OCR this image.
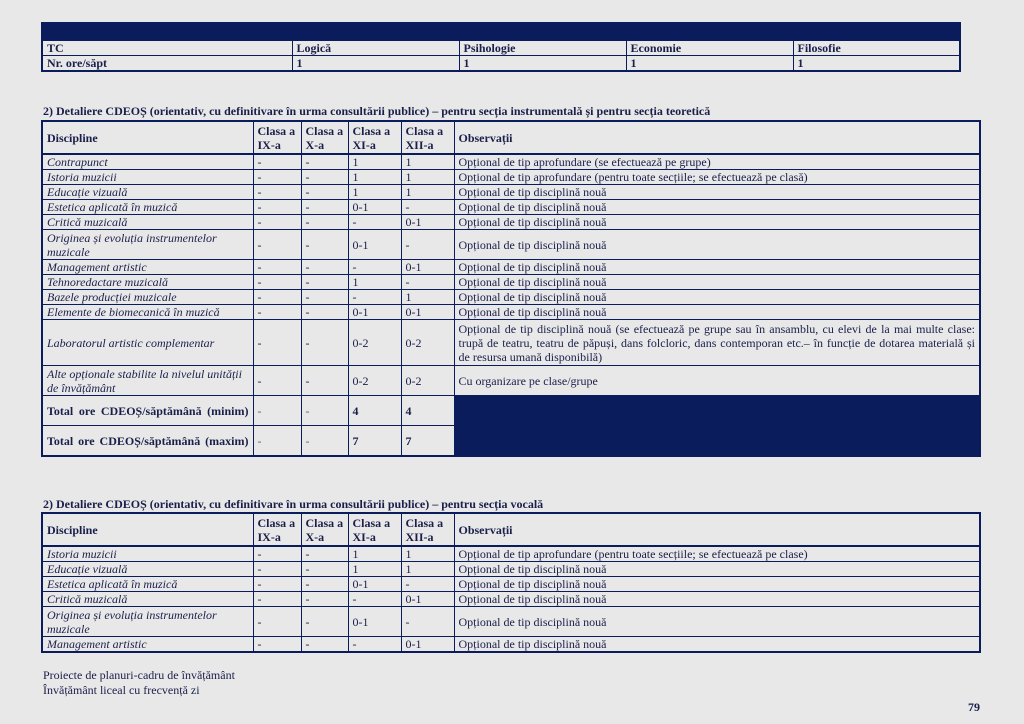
TC	Logică	Psihologie	Economie	Filosofie
Nr. ore/săpt	1	1	1	1
2) Detaliere CDEOȘ (orientativ, cu definitivare în urma consultării publice) – pentru secția instrumentală și pentru secția teoretică
Discipline	Clasa a IX-a	Clasa a X-a	Clasa a XI-a	Clasa a XII-a	Observații
Contrapunct	-	-	1	1	Opțional de tip aprofundare (se efectuează pe grupe)
Istoria muzicii	-	-	1	1	Opțional de tip aprofundare (pentru toate secțiile; se efectuează pe clasă)
Educație vizuală	-	-	1	1	Opțional de tip disciplină nouă
Estetica aplicată în muzică	-	-	0-1	-	Opțional de tip disciplină nouă
Critică muzicală	-	-	-	0-1	Opțional de tip disciplină nouă
Originea și evoluția instrumentelor muzicale	-	-	0-1	-	Opțional de tip disciplină nouă
Management artistic	-	-	-	0-1	Opțional de tip disciplină nouă
Tehnoredactare muzicală	-	-	1	-	Opțional de tip disciplină nouă
Bazele producției muzicale	-	-	-	1	Opțional de tip disciplină nouă
Elemente de biomecanică în muzică	-	-	0-1	0-1	Opțional de tip disciplină nouă
Laboratorul artistic complementar	-	-	0-2	0-2	Opțional de tip disciplină nouă (se efectuează pe grupe sau în ansamblu, cu elevi de la mai multe clase: trupă de teatru, teatru de păpuși, dans folcloric, dans contemporan etc.– în funcție de dotarea materială și de resursa umană disponibilă)
Alte opționale stabilite la nivelul unității de învățământ	-	-	0-2	0-2	Cu organizare pe clase/grupe
Total ore CDEOȘ/săptămână (minim)	-	-	4	4	
Total ore CDEOȘ/săptămână (maxim)	-	-	7	7	
2) Detaliere CDEOȘ (orientativ, cu definitivare în urma consultării publice) – pentru secția vocală
Discipline	Clasa a IX-a	Clasa a X-a	Clasa a XI-a	Clasa a XII-a	Observații
Istoria muzicii	-	-	1	1	Opțional de tip aprofundare (pentru toate secțiile; se efectuează pe clase)
Educație vizuală	-	-	1	1	Opțional de tip disciplină nouă
Estetica aplicată în muzică	-	-	0-1	-	Opțional de tip disciplină nouă
Critică muzicală	-	-	-	0-1	Opțional de tip disciplină nouă
Originea și evoluția instrumentelor muzicale	-	-	0-1	-	Opțional de tip disciplină nouă
Management artistic	-	-	-	0-1	Opțional de tip disciplină nouă
Proiecte de planuri-cadru de învățământ
Învățământ liceal cu frecvență zi
79
